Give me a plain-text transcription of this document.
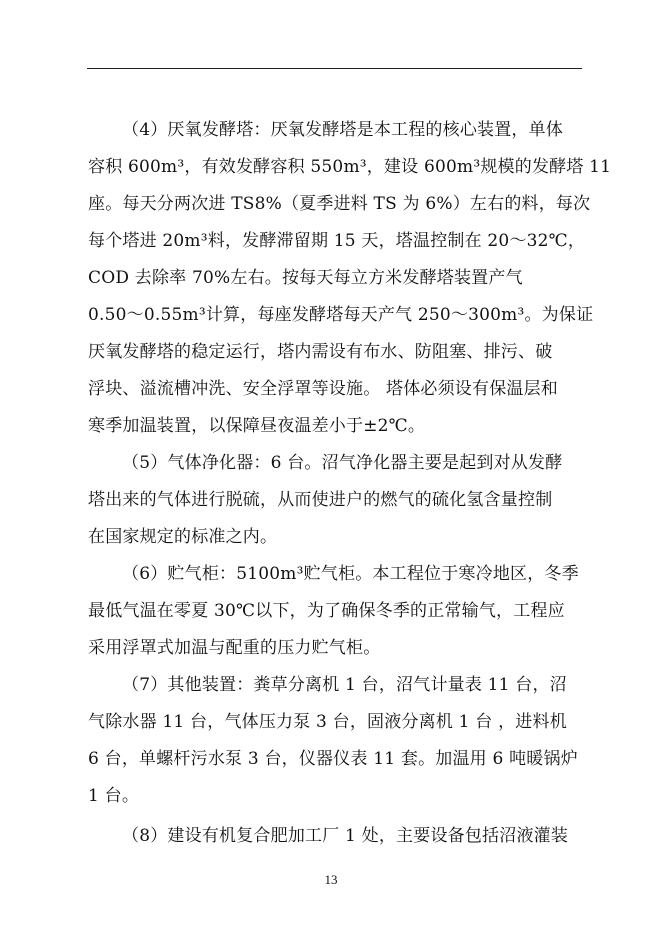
（4）厌氧发酵塔：厌氧发酵塔是本工程的核心装置，单体
容积 600m³，有效发酵容积 550m³，建设 600m³规模的发酵塔 11
座。每天分两次进 TS8%（夏季进料 TS 为 6%）左右的料，每次
每个塔进 20m³料，发酵滞留期 15 天，塔温控制在 20～32℃，
COD 去除率 70%左右。按每天每立方米发酵塔装置产气
0.50～0.55m³计算，每座发酵塔每天产气 250～300m³。为保证
厌氧发酵塔的稳定运行，塔内需设有布水、防阻塞、排污、破
浮块、溢流槽冲洗、安全浮罩等设施。 塔体必须设有保温层和
寒季加温装置，以保障昼夜温差小于±2℃。
（5）气体净化器：6 台。沼气净化器主要是起到对从发酵
塔出来的气体进行脱硫，从而使进户的燃气的硫化氢含量控制
在国家规定的标准之内。
（6）贮气柜：5100m³贮气柜。本工程位于寒冷地区，冬季
最低气温在零夏 30℃以下，为了确保冬季的正常输气，工程应
采用浮罩式加温与配重的压力贮气柜。
（7）其他装置：粪草分离机 1 台，沼气计量表 11 台，沼
气除水器 11 台，气体压力泵 3 台，固液分离机 1 台 ，进料机
6 台，单螺杆污水泵 3 台，仪器仪表 11 套。加温用 6 吨暖锅炉
1 台。
（8）建设有机复合肥加工厂 1 处，主要设备包括沼液灌装
13
